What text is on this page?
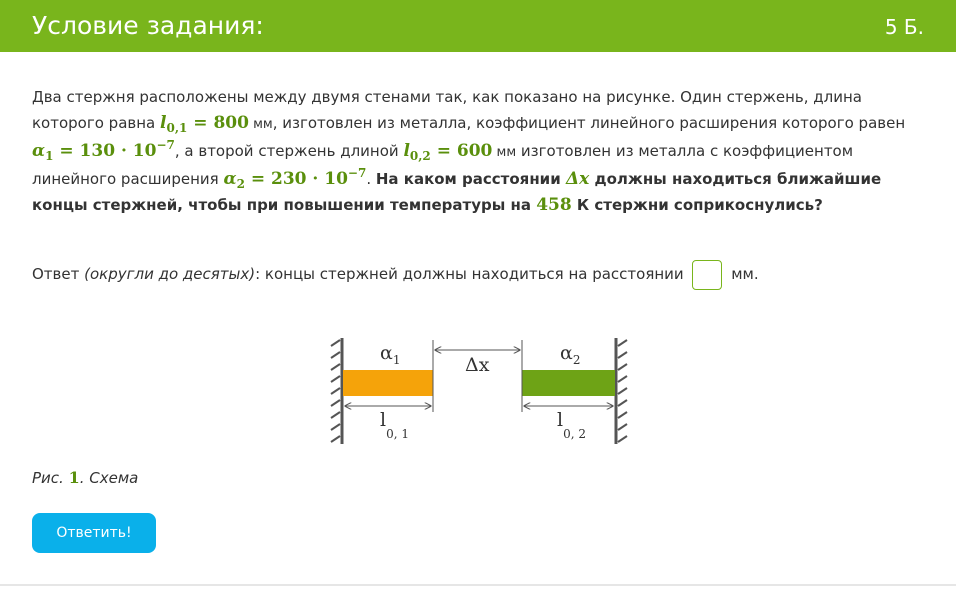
Условие задания:	5 Б.
Два стержня расположены между двумя стенами так, как показано на рисунке. Один стержень, длина которого равна $l_{0,1} = 800$ мм, изготовлен из металла, коэффициент линейного расширения которого равен $\alpha_1 = 130 \cdot 10^{-7}$, а второй стержень длиной $l_{0,2} = 600$ мм изготовлен из металла с коэффициентом линейного расширения $\alpha_2 = 230 \cdot 10^{-7}$. На каком расстоянии Δx должны находиться ближайшие концы стержней, чтобы при повышении температуры на 458 К стержни соприкоснулись?
Ответ (округли до десятых): концы стержней должны находиться на расстоянии	мм.
$\alpha_1$	$\alpha_2$
Δx
$l_{0, 1}$
$l_{0, 2}$
Рис. 1. Схема
Ответить!
